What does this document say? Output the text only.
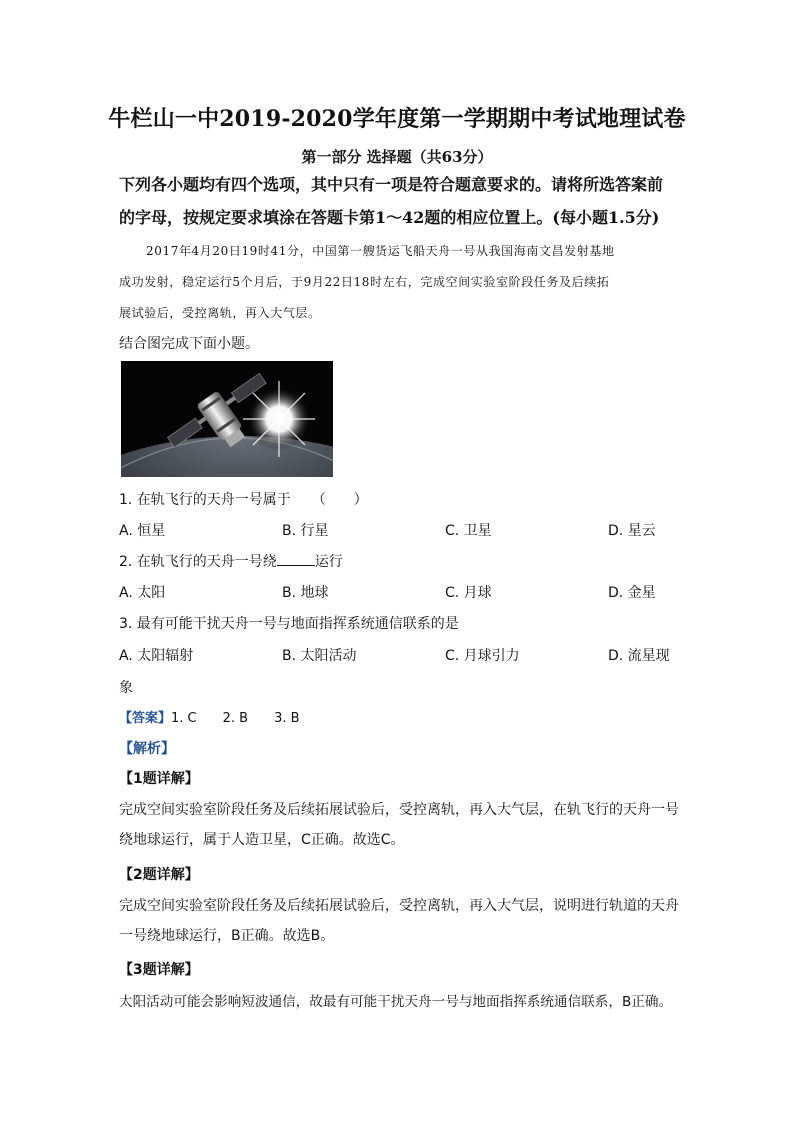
牛栏山一中2019-2020学年度第一学期期中考试地理试卷
第一部分 选择题（共63分）
下列各小题均有四个选项，其中只有一项是符合题意要求的。请将所选答案前
的字母，按规定要求填涂在答题卡第1～42题的相应位置上。(每小题1.5分)
2017年4月20日19时41分，中国第一艘货运飞船天舟一号从我国海南文昌发射基地
成功发射，稳定运行5个月后，于9月22日18时左右，完成空间实验室阶段任务及后续拓
展试验后，受控离轨，再入大气层。
结合图完成下面小题。
1. 在轨飞行的天舟一号属于　　（　　）
A. 恒星	B. 行星	C. 卫星	D. 星云
2. 在轨飞行的天舟一号绕	运行
A. 太阳	B. 地球	C. 月球	D. 金星
3. 最有可能干扰天舟一号与地面指挥系统通信联系的是
A. 太阳辐射	B. 太阳活动	C. 月球引力	D. 流星现
象
【答案】1. C　　2. B　　3. B
【解析】
【1题详解】
完成空间实验室阶段任务及后续拓展试验后，受控离轨，再入大气层，在轨飞行的天舟一号
绕地球运行，属于人造卫星，C正确。故选C。
【2题详解】
完成空间实验室阶段任务及后续拓展试验后，受控离轨，再入大气层，说明进行轨道的天舟
一号绕地球运行，B正确。故选B。
【3题详解】
太阳活动可能会影响短波通信，故最有可能干扰天舟一号与地面指挥系统通信联系，B正确。
